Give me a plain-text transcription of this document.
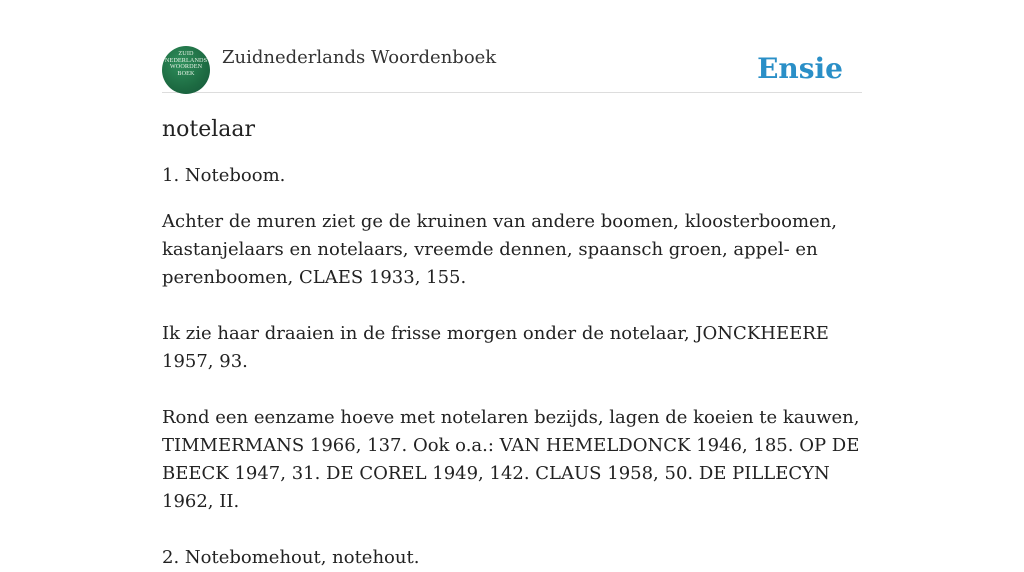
ZUID
NEDERLANDS
WOORDEN
BOEK
Zuidnederlands Woordenboek	Ensie
notelaar

1. Noteboom.

Achter de muren ziet ge de kruinen van andere boomen, kloosterboomen, kastanjelaars en notelaars, vreemde dennen, spaansch groen, appel- en perenboomen, CLAES 1933, 155.

Ik zie haar draaien in de frisse morgen onder de notelaar, JONCKHEERE 1957, 93.

Rond een eenzame hoeve met notelaren bezijds, lagen de koeien te kauwen, TIMMERMANS 1966, 137. Ook o.a.: VAN HEMELDONCK 1946, 185. OP DE BEECK 1947, 31. DE COREL 1949, 142. CLAUS 1958, 50. DE PILLECYN 1962, II.

2. Notebomehout, notehout.
